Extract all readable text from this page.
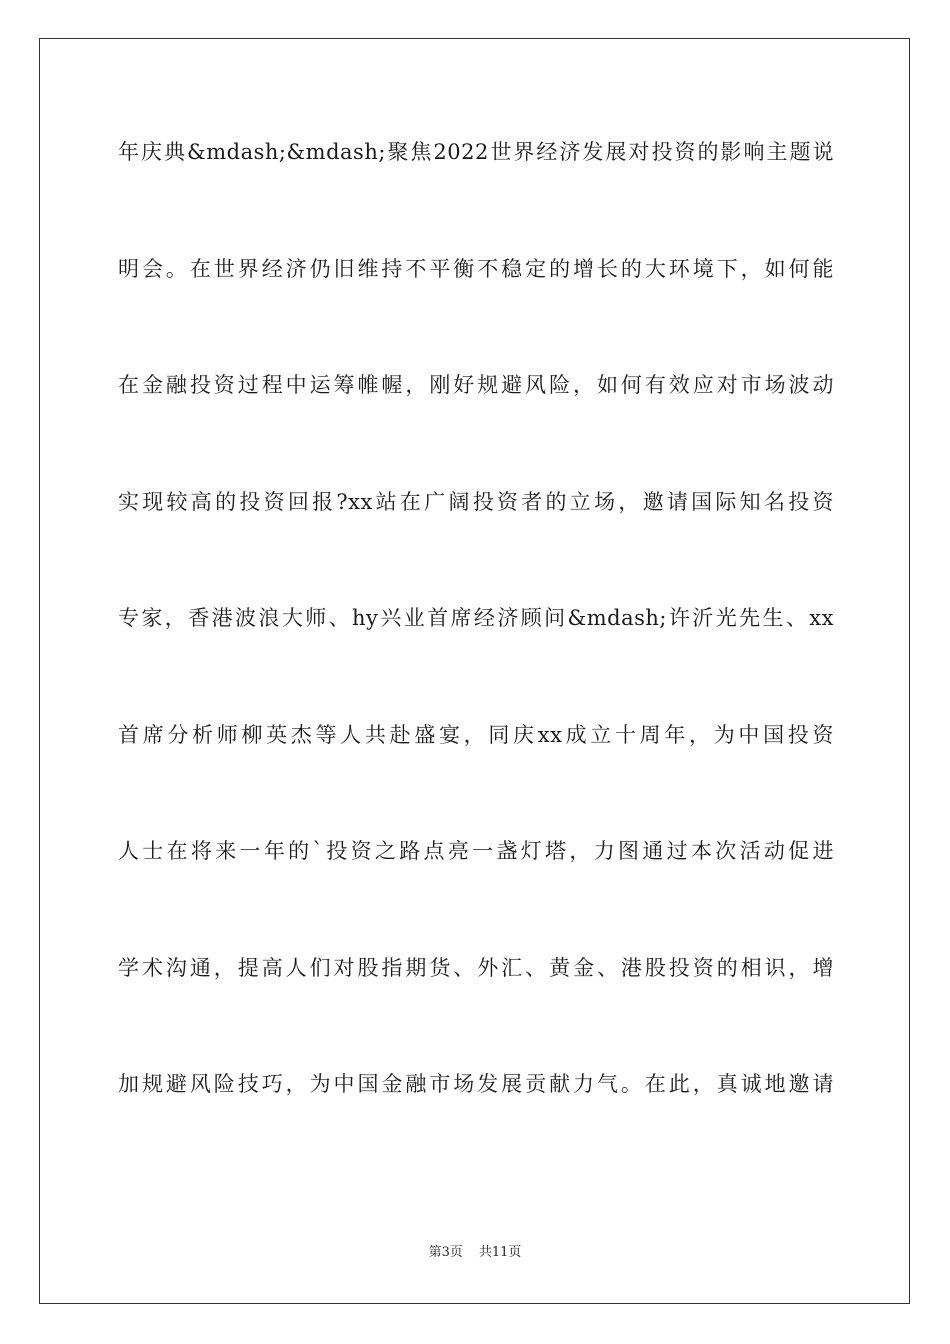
年庆典&mdash;&mdash;聚焦2022世界经济发展对投资的影响主题说
明会。在世界经济仍旧维持不平衡不稳定的增长的大环境下，如何能
在金融投资过程中运筹帷幄，刚好规避风险，如何有效应对市场波动
实现较高的投资回报?xx站在广阔投资者的立场，邀请国际知名投资
专家，香港波浪大师、hy兴业首席经济顾问&mdash;许沂光先生、xx
首席分析师柳英杰等人共赴盛宴，同庆xx成立十周年，为中国投资
人士在将来一年的`投资之路点亮一盏灯塔，力图通过本次活动促进
学术沟通，提高人们对股指期货、外汇、黄金、港股投资的相识，增
加规避风险技巧，为中国金融市场发展贡献力气。在此，真诚地邀请
第3页 共11页
